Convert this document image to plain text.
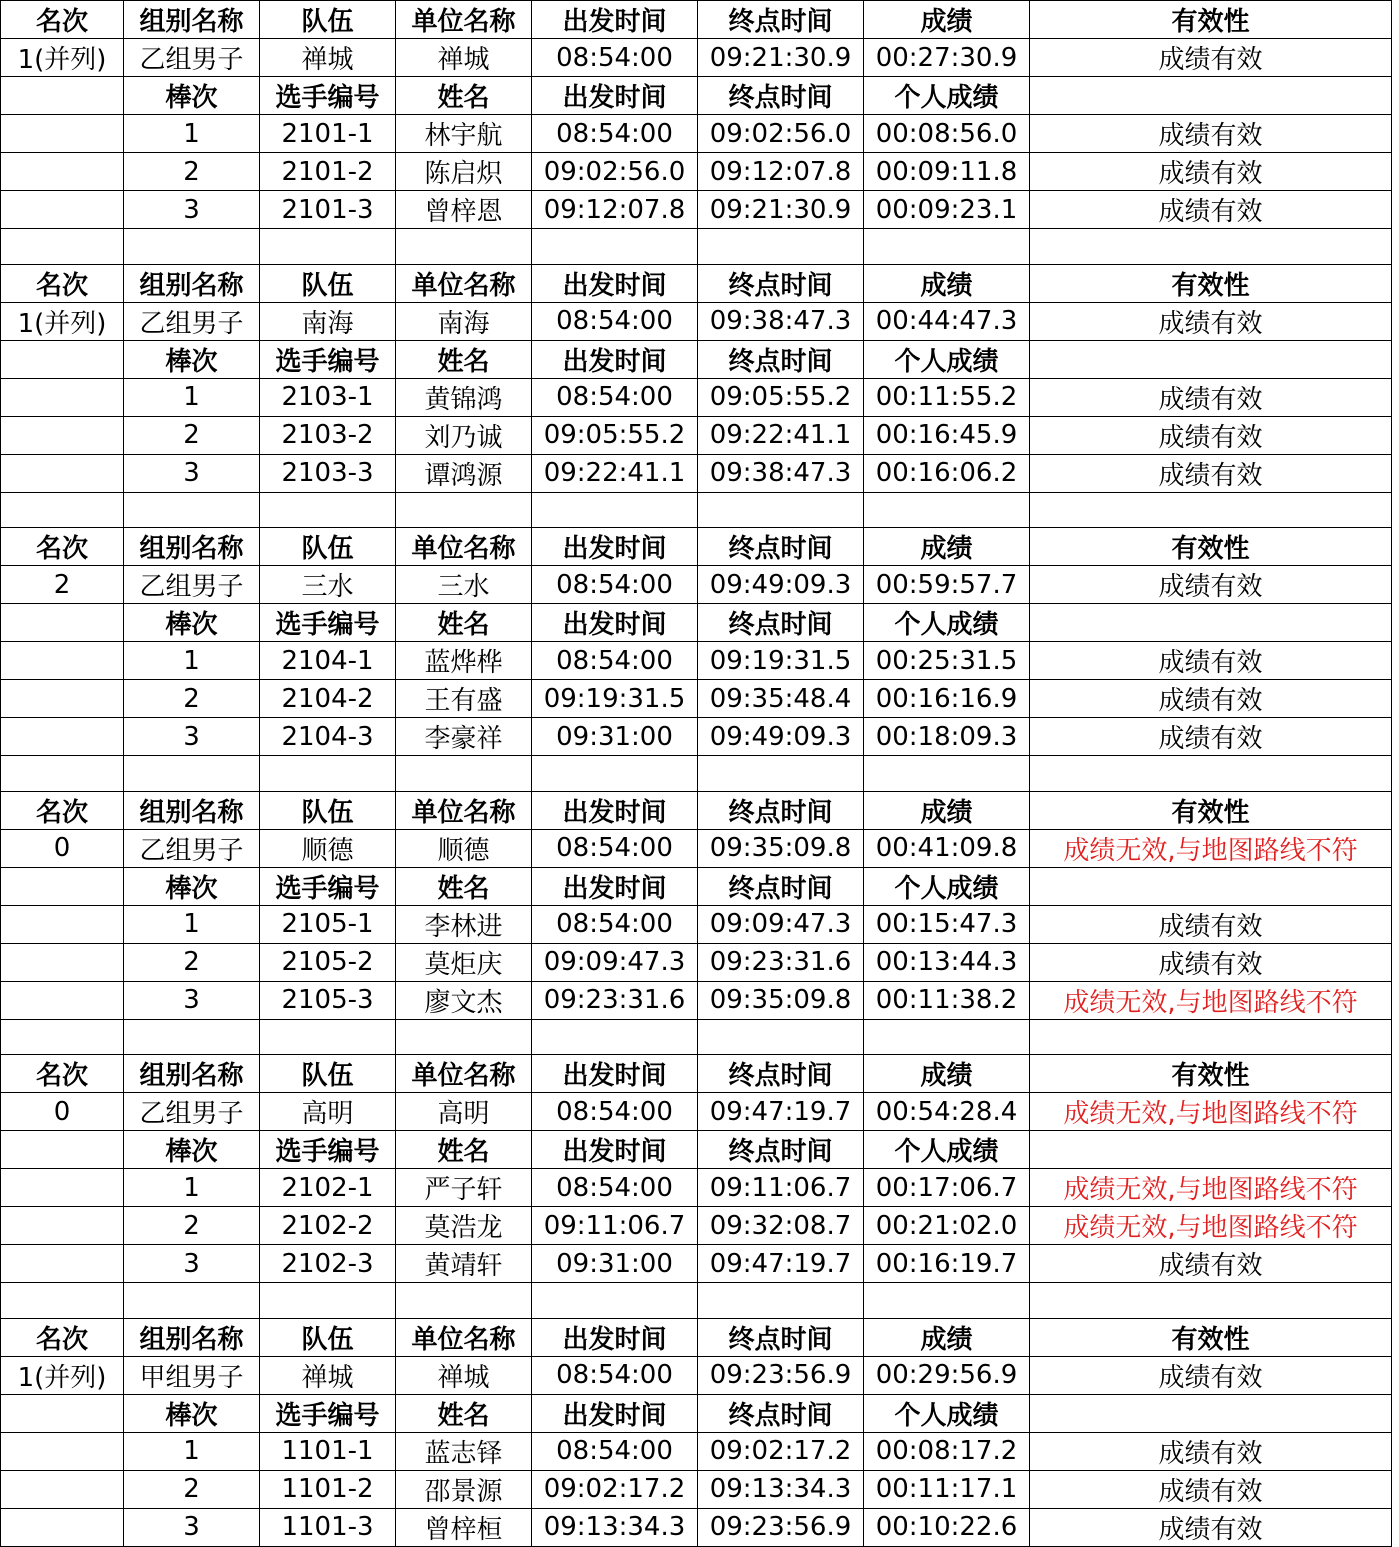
名次	组别名称	队伍	单位名称	出发时间	终点时间	成绩	有效性
1(并列)	乙组男子	禅城	禅城	08:54:00	09:21:30.9	00:27:30.9	成绩有效
	棒次	选手编号	姓名	出发时间	终点时间	个人成绩	
	1	2101-1	林宇航	08:54:00	09:02:56.0	00:08:56.0	成绩有效
	2	2101-2	陈启炽	09:02:56.0	09:12:07.8	00:09:11.8	成绩有效
	3	2101-3	曾梓恩	09:12:07.8	09:21:30.9	00:09:23.1	成绩有效

名次	组别名称	队伍	单位名称	出发时间	终点时间	成绩	有效性
1(并列)	乙组男子	南海	南海	08:54:00	09:38:47.3	00:44:47.3	成绩有效
	棒次	选手编号	姓名	出发时间	终点时间	个人成绩	
	1	2103-1	黄锦鸿	08:54:00	09:05:55.2	00:11:55.2	成绩有效
	2	2103-2	刘乃诚	09:05:55.2	09:22:41.1	00:16:45.9	成绩有效
	3	2103-3	谭鸿源	09:22:41.1	09:38:47.3	00:16:06.2	成绩有效

名次	组别名称	队伍	单位名称	出发时间	终点时间	成绩	有效性
2	乙组男子	三水	三水	08:54:00	09:49:09.3	00:59:57.7	成绩有效
	棒次	选手编号	姓名	出发时间	终点时间	个人成绩	
	1	2104-1	蓝烨桦	08:54:00	09:19:31.5	00:25:31.5	成绩有效
	2	2104-2	王有盛	09:19:31.5	09:35:48.4	00:16:16.9	成绩有效
	3	2104-3	李豪祥	09:31:00	09:49:09.3	00:18:09.3	成绩有效

名次	组别名称	队伍	单位名称	出发时间	终点时间	成绩	有效性
0	乙组男子	顺德	顺德	08:54:00	09:35:09.8	00:41:09.8	成绩无效,与地图路线不符
	棒次	选手编号	姓名	出发时间	终点时间	个人成绩	
	1	2105-1	李林进	08:54:00	09:09:47.3	00:15:47.3	成绩有效
	2	2105-2	莫炬庆	09:09:47.3	09:23:31.6	00:13:44.3	成绩有效
	3	2105-3	廖文杰	09:23:31.6	09:35:09.8	00:11:38.2	成绩无效,与地图路线不符

名次	组别名称	队伍	单位名称	出发时间	终点时间	成绩	有效性
0	乙组男子	高明	高明	08:54:00	09:47:19.7	00:54:28.4	成绩无效,与地图路线不符
	棒次	选手编号	姓名	出发时间	终点时间	个人成绩	
	1	2102-1	严子轩	08:54:00	09:11:06.7	00:17:06.7	成绩无效,与地图路线不符
	2	2102-2	莫浩龙	09:11:06.7	09:32:08.7	00:21:02.0	成绩无效,与地图路线不符
	3	2102-3	黄靖轩	09:31:00	09:47:19.7	00:16:19.7	成绩有效

名次	组别名称	队伍	单位名称	出发时间	终点时间	成绩	有效性
1(并列)	甲组男子	禅城	禅城	08:54:00	09:23:56.9	00:29:56.9	成绩有效
	棒次	选手编号	姓名	出发时间	终点时间	个人成绩	
	1	1101-1	蓝志铎	08:54:00	09:02:17.2	00:08:17.2	成绩有效
	2	1101-2	邵景源	09:02:17.2	09:13:34.3	00:11:17.1	成绩有效
	3	1101-3	曾梓桓	09:13:34.3	09:23:56.9	00:10:22.6	成绩有效
